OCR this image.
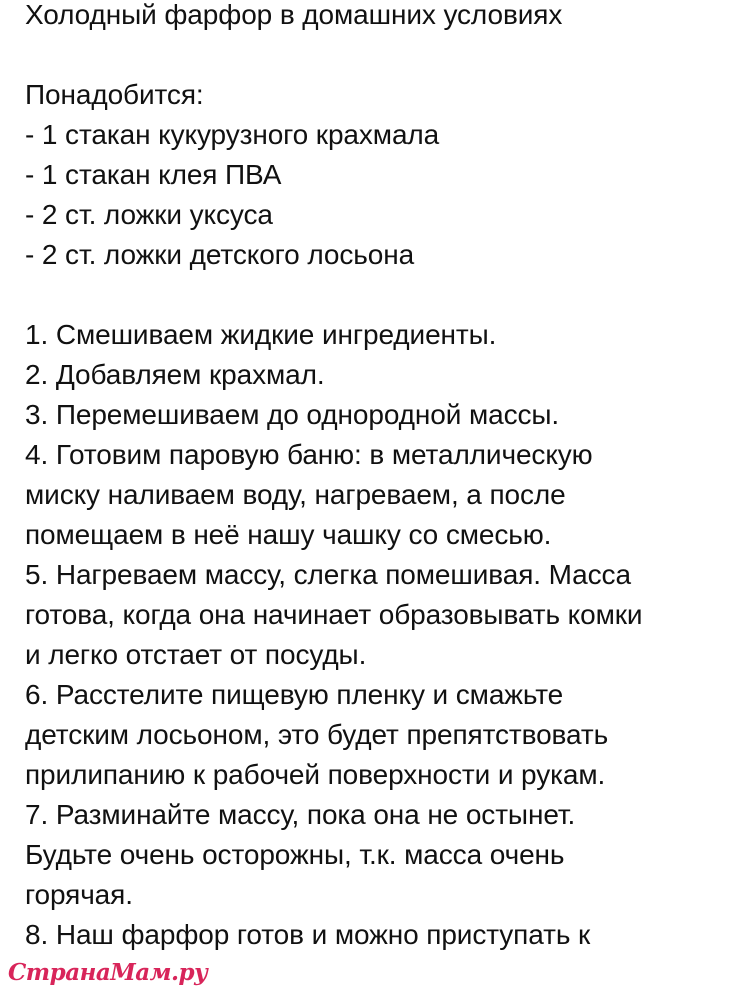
Холодный фарфор в домашних условиях
Понадобится:
- 1 стакан кукурузного крахмала
- 1 стакан клея ПВА
- 2 ст. ложки уксуса
- 2 ст. ложки детского лосьона
1. Смешиваем жидкие ингредиенты.
2. Добавляем крахмал.
3. Перемешиваем до однородной массы.
4. Готовим паровую баню: в металлическую
миску наливаем воду, нагреваем, а после
помещаем в неё нашу чашку со смесью.
5. Нагреваем массу, слегка помешивая. Масса
готова, когда она начинает образовывать комки
и легко отстает от посуды.
6. Расстелите пищевую пленку и смажьте
детским лосьоном, это будет препятствовать
прилипанию к рабочей поверхности и рукам.
7. Разминайте массу, пока она не остынет.
Будьте очень осторожны, т.к. масса очень
горячая.
8. Наш фарфор готов и можно приступать к
СтранаМам.ру
